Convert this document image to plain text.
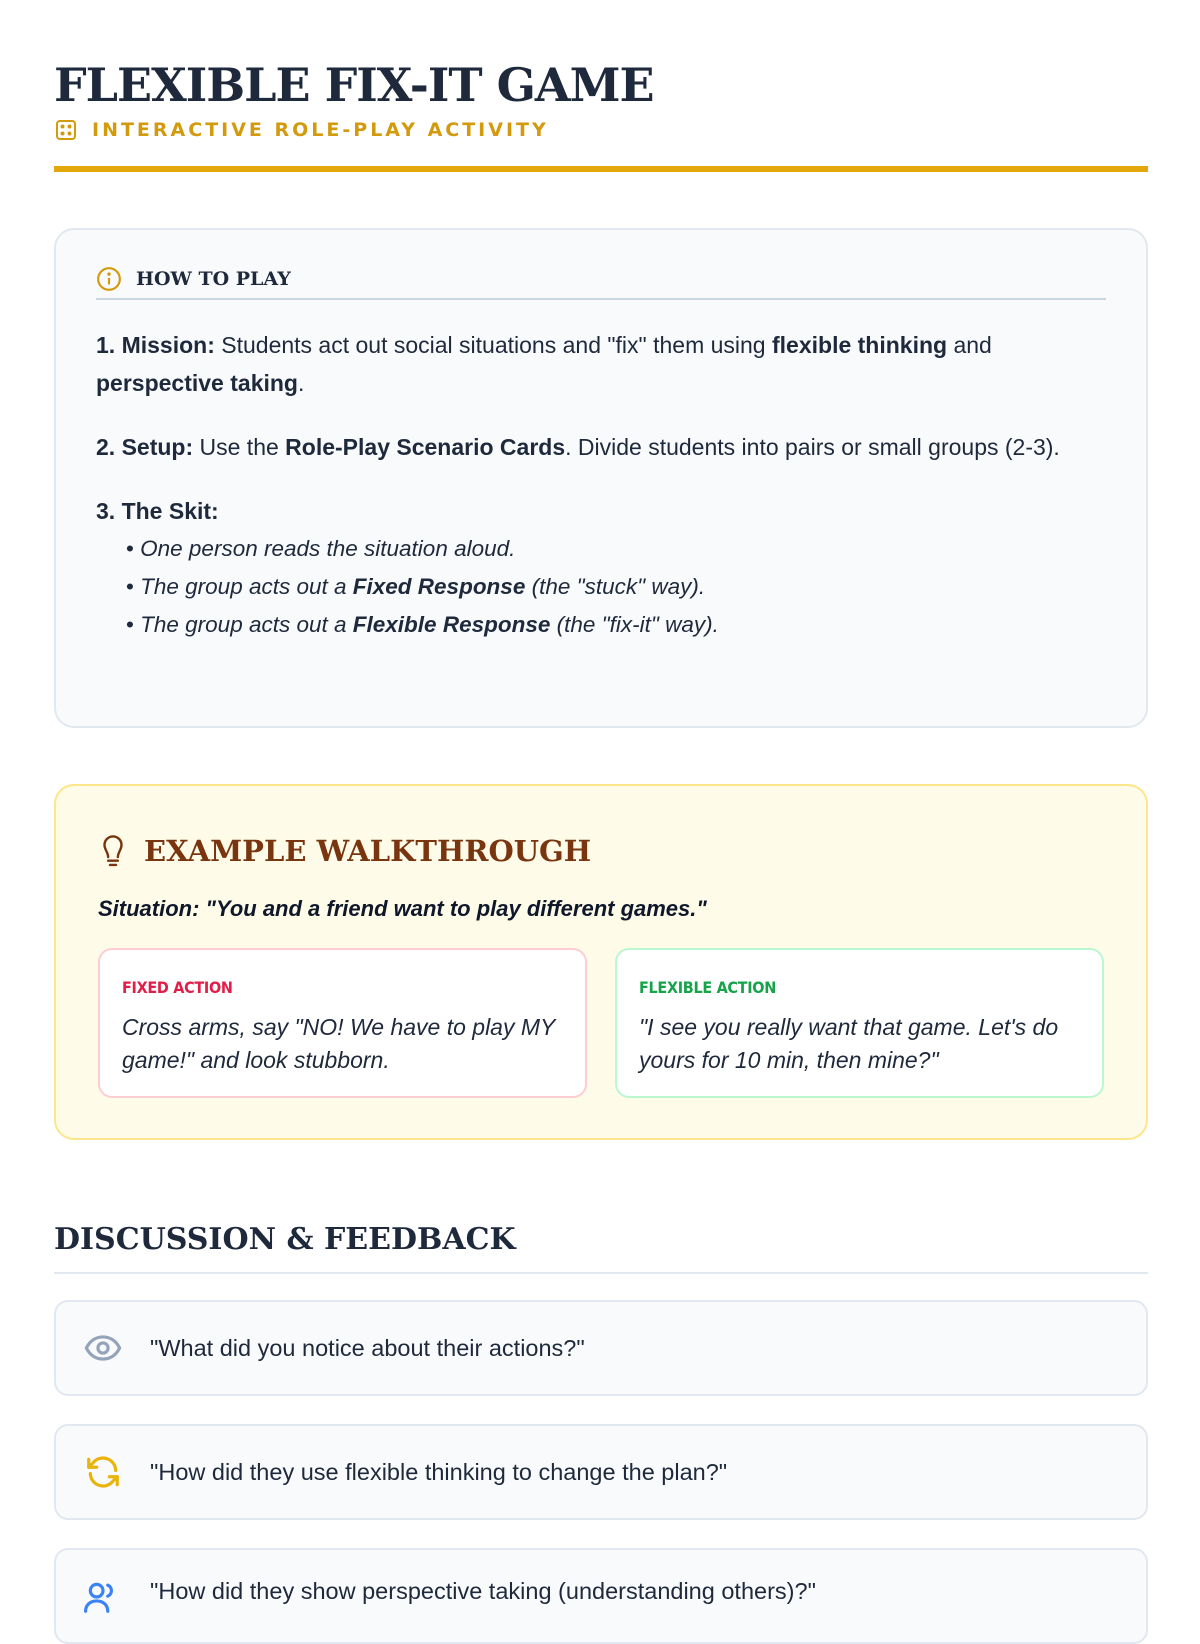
FLEXIBLE FIX-IT GAME
INTERACTIVE ROLE-PLAY ACTIVITY
HOW TO PLAY

1. Mission: Students act out social situations and "fix" them using flexible thinking and perspective taking.

2. Setup: Use the Role-Play Scenario Cards. Divide students into pairs or small groups (2-3).

3. The Skit:

• One person reads the situation aloud.
• The group acts out a Fixed Response (the "stuck" way).
• The group acts out a Flexible Response (the "fix-it" way).
EXAMPLE WALKTHROUGH
Situation: "You and a friend want to play different games."
FIXED ACTION
Cross arms, say "NO! We have to play MY game!" and look stubborn.
FLEXIBLE ACTION
"I see you really want that game. Let's do yours for 10 min, then mine?"
DISCUSSION & FEEDBACK
"What did you notice about their actions?"
"How did they use flexible thinking to change the plan?"
"How did they show perspective taking (understanding others)?"
